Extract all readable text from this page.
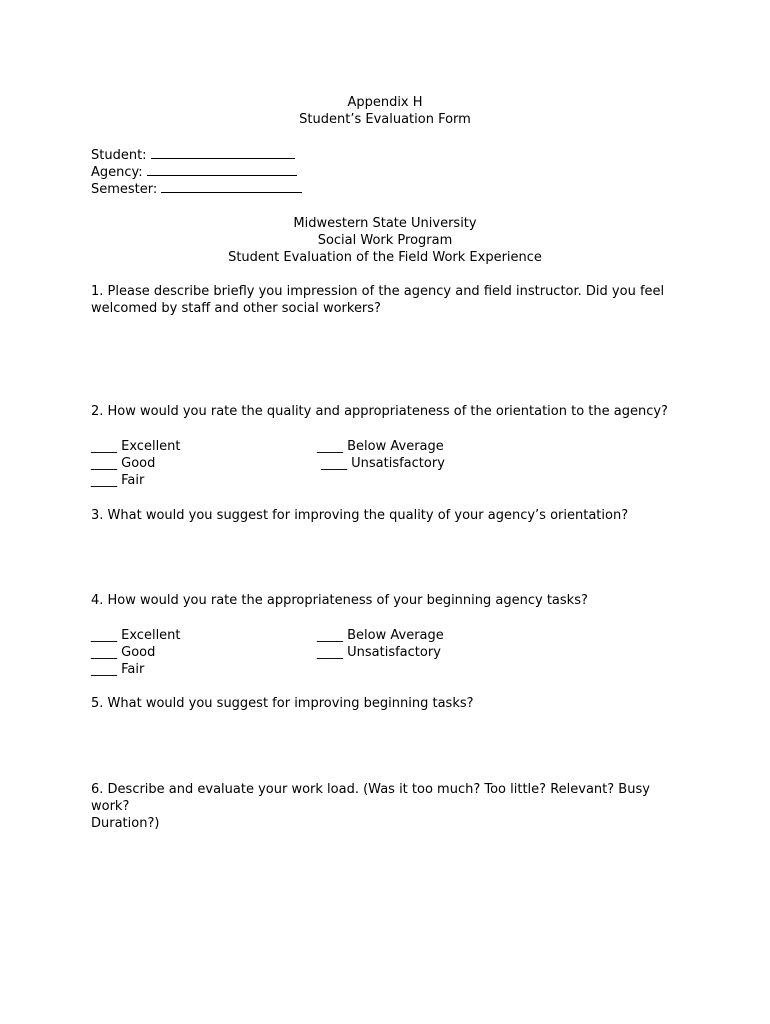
Appendix H
Student’s Evaluation Form
Student:
Agency:
Semester:
Midwestern State University
Social Work Program
Student Evaluation of the Field Work Experience
1. Please describe briefly you impression of the agency and field instructor. Did you feel
welcomed by staff and other social workers?
2. How would you rate the quality and appropriateness of the orientation to the agency?
____ Excellent
____ Good
____ Fair
____ Below Average
____ Unsatisfactory
3. What would you suggest for improving the quality of your agency’s orientation?
4. How would you rate the appropriateness of your beginning agency tasks?
____ Excellent
____ Good
____ Fair
____ Below Average
____ Unsatisfactory
5. What would you suggest for improving beginning tasks?
6. Describe and evaluate your work load. (Was it too much? Too little? Relevant? Busy work?
Duration?)
